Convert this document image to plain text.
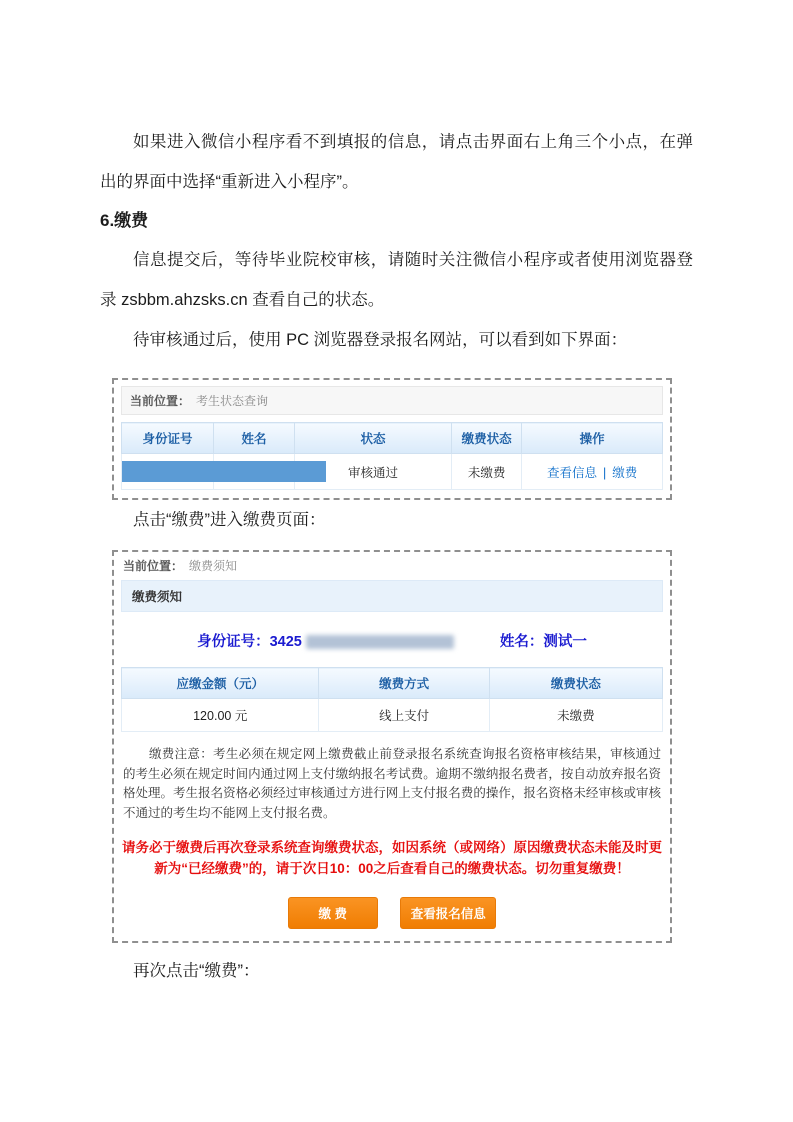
如果进入微信小程序看不到填报的信息，请点击界面右上角三个小点，在弹出的界面中选择“重新进入小程序”。

6.缴费

信息提交后，等待毕业院校审核，请随时关注微信小程序或者使用浏览器登录 zsbbm.ahzsks.cn 查看自己的状态。

待审核通过后，使用 PC 浏览器登录报名网站，可以看到如下界面：

当前位置： 考生状态查询
身份证号	姓名	状态	缴费状态	操作
		审核通过	未缴费	查看信息 | 缴费

点击“缴费”进入缴费页面：

当前位置： 缴费须知
缴费须知
身份证号：3425	姓名：测试一
应缴金额（元）	缴费方式	缴费状态
120.00 元	线上支付	未缴费

缴费注意：考生必须在规定网上缴费截止前登录报名系统查询报名资格审核结果，审核通过的考生必须在规定时间内通过网上支付缴纳报名考试费。逾期不缴纳报名费者，按自动放弃报名资格处理。考生报名资格必须经过审核通过方进行网上支付报名费的操作，报名资格未经审核或审核不通过的考生均不能网上支付报名费。

请务必于缴费后再次登录系统查询缴费状态，如因系统（或网络）原因缴费状态未能及时更新为“已经缴费”的，请于次日10：00之后查看自己的缴费状态。切勿重复缴费！

缴 费	查看报名信息

再次点击“缴费”：
